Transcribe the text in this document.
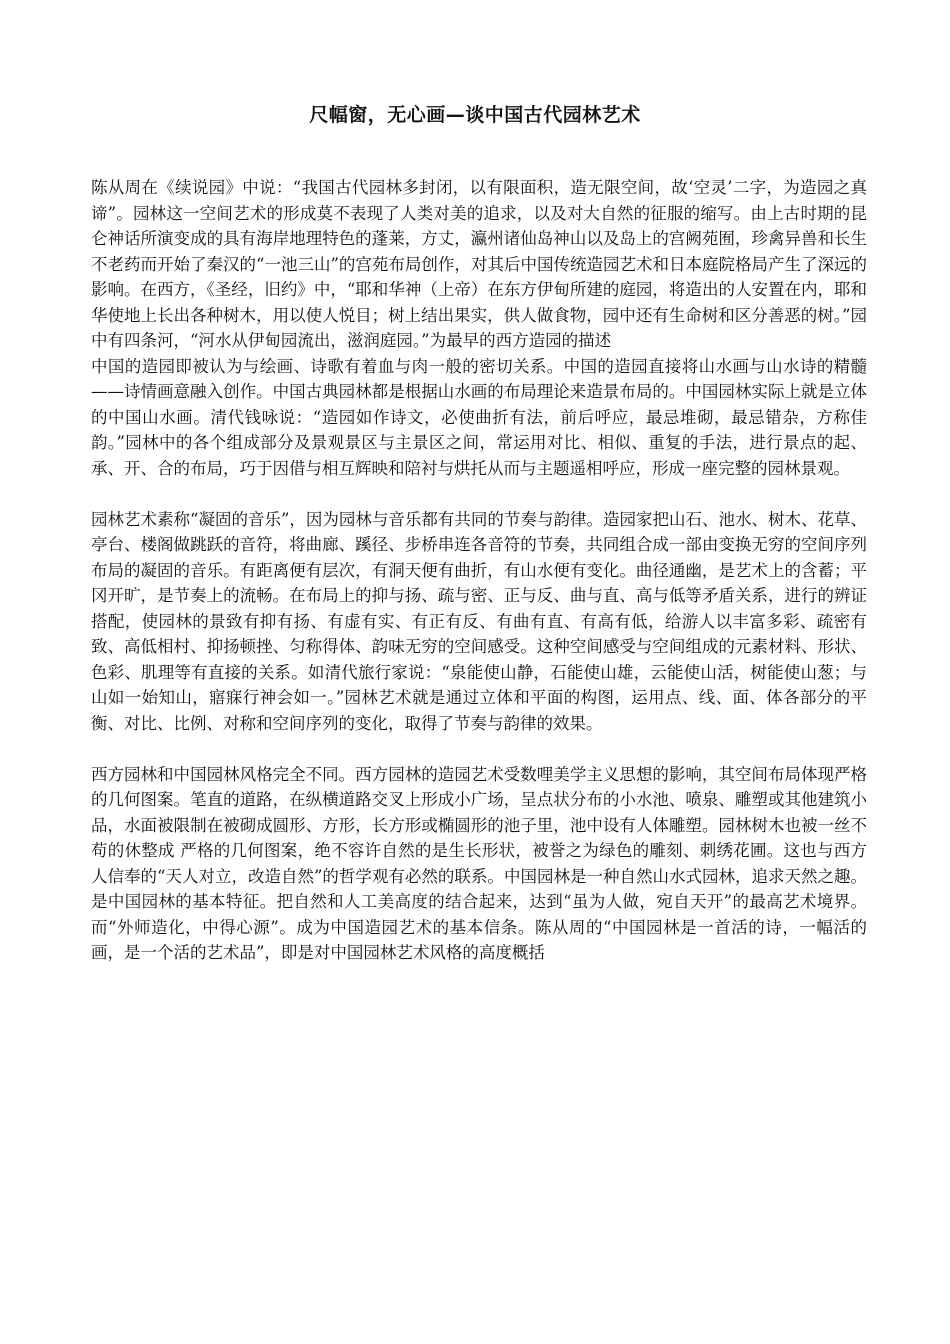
尺幅窗，无心画—谈中国古代园林艺术

陈从周在《续说园》中说：“我国古代园林多封闭，以有限面积，造无限空间，故‘空灵’二字，为造园之真谛”。园林这一空间艺术的形成莫不表现了人类对美的追求，以及对大自然的征服的缩写。由上古时期的昆仑神话所演变成的具有海岸地理特色的蓬莱，方丈，瀛州诸仙岛神山以及岛上的宫阙苑囿，珍禽异兽和长生不老药而开始了秦汉的“一池三山”的宫苑布局创作，对其后中国传统造园艺术和日本庭院格局产生了深远的影响。在西方，《圣经，旧约》中，“耶和华神（上帝）在东方伊甸所建的庭园，将造出的人安置在内，耶和华使地上长出各种树木，用以使人悦目；树上结出果实，供人做食物，园中还有生命树和区分善恶的树。”园中有四条河，“河水从伊甸园流出，滋润庭园。”为最早的西方造园的描述

中国的造园即被认为与绘画、诗歌有着血与肉一般的密切关系。中国的造园直接将山水画与山水诗的精髓——诗情画意融入创作。中国古典园林都是根据山水画的布局理论来造景布局的。中国园林实际上就是立体的中国山水画。清代钱咏说：“造园如作诗文，必使曲折有法，前后呼应，最忌堆砌，最忌错杂，方称佳韵。”园林中的各个组成部分及景观景区与主景区之间，常运用对比、相似、重复的手法，进行景点的起、承、开、合的布局，巧于因借与相互辉映和陪衬与烘托从而与主题遥相呼应，形成一座完整的园林景观。

园林艺术素称“凝固的音乐”，因为园林与音乐都有共同的节奏与韵律。造园家把山石、池水、树木、花草、亭台、楼阁做跳跃的音符，将曲廊、蹊径、步桥串连各音符的节奏，共同组合成一部由变换无穷的空间序列布局的凝固的音乐。有距离便有层次，有洞天便有曲折，有山水便有变化。曲径通幽，是艺术上的含蓄；平冈开旷，是节奏上的流畅。在布局上的抑与扬、疏与密、正与反、曲与直、高与低等矛盾关系，进行的辨证搭配，使园林的景致有抑有扬、有虚有实、有正有反、有曲有直、有高有低，给游人以丰富多彩、疏密有致、高低相村、抑扬顿挫、匀称得体、韵味无穷的空间感受。这种空间感受与空间组成的元素材料、形状、色彩、肌理等有直接的关系。如清代旅行家说：“泉能使山静，石能使山雄，云能使山活，树能使山葱；与山如一始知山，寤寐行神会如一。”园林艺术就是通过立体和平面的构图，运用点、线、面、体各部分的平衡、对比、比例、对称和空间序列的变化，取得了节奏与韵律的效果。

西方园林和中国园林风格完全不同。西方园林的造园艺术受数哩美学主义思想的影响，其空间布局体现严格的几何图案。笔直的道路，在纵横道路交叉上形成小广场，呈点状分布的小水池、喷泉、雕塑或其他建筑小品，水面被限制在被砌成圆形、方形，长方形或椭圆形的池子里，池中设有人体雕塑。园林树木也被一丝不苟的休整成 严格的几何图案，绝不容许自然的是生长形状，被誉之为绿色的雕刻、刺绣花圃。这也与西方人信奉的“天人对立，改造自然”的哲学观有必然的联系。中国园林是一种自然山水式园林，追求天然之趣。是中国园林的基本特征。把自然和人工美高度的结合起来，达到“虽为人做，宛自天开”的最高艺术境界。而“外师造化，中得心源”。成为中国造园艺术的基本信条。陈从周的“中国园林是一首活的诗，一幅活的画，是一个活的艺术品”，即是对中国园林艺术风格的高度概括
